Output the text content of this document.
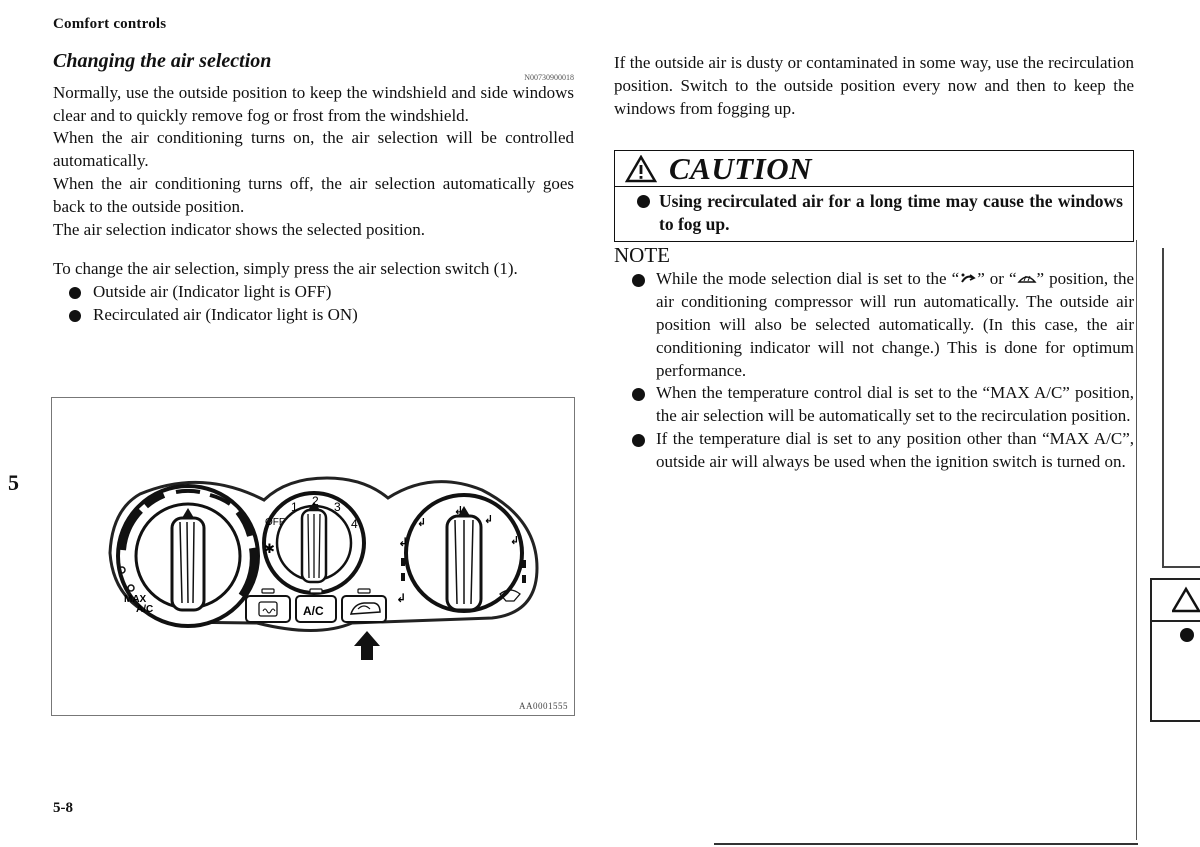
Comfort controls
5
5-8

Changing the air selection

N00730900018

Normally, use the outside position to keep the windshield and side windows clear and to quickly remove fog or frost from the windshield.

When the air conditioning turns on, the air selection will be controlled automatically.

When the air conditioning turns off, the air selection automatically goes back to the outside position.

The air selection indicator shows the selected position.

To change the air selection, simply press the air selection switch (1).

Outside air (Indicator light is OFF)
Recirculated air (Indicator light is ON)
MAX
A/C
OFF
1 2 3
4
✱
A/C
↲
↲
↲
↲
↲
↲
AA0001555

If the outside air is dusty or contaminated in some way, use the recirculation position. Switch to the outside position every now and then to keep the windows from fogging up.

CAUTION
Using recirculated air for a long time may cause the windows to fog up.

NOTE

While the mode selection dial is set to the “ ” or “ ” position, the air conditioning compressor will run automatically. The outside air position will also be selected automatically. (In this case, the air conditioning indicator will not change.) This is done for optimum performance.
When the temperature control dial is set to the “MAX A/C” position, the air selection will be automatically set to the recirculation position.
If the temperature dial is set to any position other than “MAX A/C”, outside air will always be used when the ignition switch is turned on.
